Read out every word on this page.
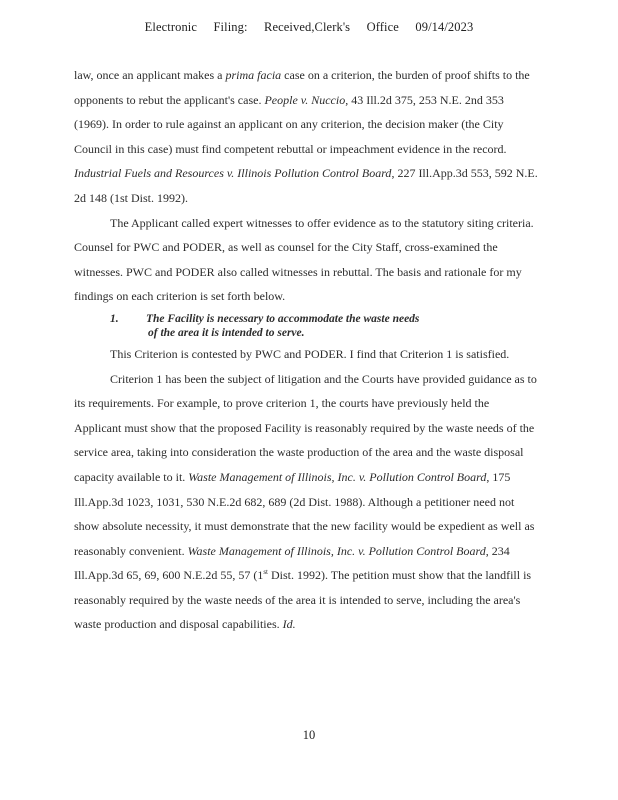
Electronic Filing: Received,Clerk's Office 09/14/2023

law, once an applicant makes a prima facia case on a criterion, the burden of proof shifts to the
opponents to rebut the applicant's case. People v. Nuccio, 43 Ill.2d 375, 253 N.E. 2nd 353
(1969). In order to rule against an applicant on any criterion, the decision maker (the City
Council in this case) must find competent rebuttal or impeachment evidence in the record.
Industrial Fuels and Resources v. Illinois Pollution Control Board, 227 Ill.App.3d 553, 592 N.E.
2d 148 (1st Dist. 1992).

The Applicant called expert witnesses to offer evidence as to the statutory siting criteria.
Counsel for PWC and PODER, as well as counsel for the City Staff, cross-examined the
witnesses. PWC and PODER also called witnesses in rebuttal. The basis and rationale for my
findings on each criterion is set forth below.

1. The Facility is necessary to accommodate the waste needs
of the area it is intended to serve.

This Criterion is contested by PWC and PODER. I find that Criterion 1 is satisfied.

Criterion 1 has been the subject of litigation and the Courts have provided guidance as to
its requirements. For example, to prove criterion 1, the courts have previously held the
Applicant must show that the proposed Facility is reasonably required by the waste needs of the
service area, taking into consideration the waste production of the area and the waste disposal
capacity available to it. Waste Management of Illinois, Inc. v. Pollution Control Board, 175
Ill.App.3d 1023, 1031, 530 N.E.2d 682, 689 (2d Dist. 1988). Although a petitioner need not
show absolute necessity, it must demonstrate that the new facility would be expedient as well as
reasonably convenient. Waste Management of Illinois, Inc. v. Pollution Control Board, 234
Ill.App.3d 65, 69, 600 N.E.2d 55, 57 (1st Dist. 1992). The petition must show that the landfill is
reasonably required by the waste needs of the area it is intended to serve, including the area's
waste production and disposal capabilities. Id.

10
